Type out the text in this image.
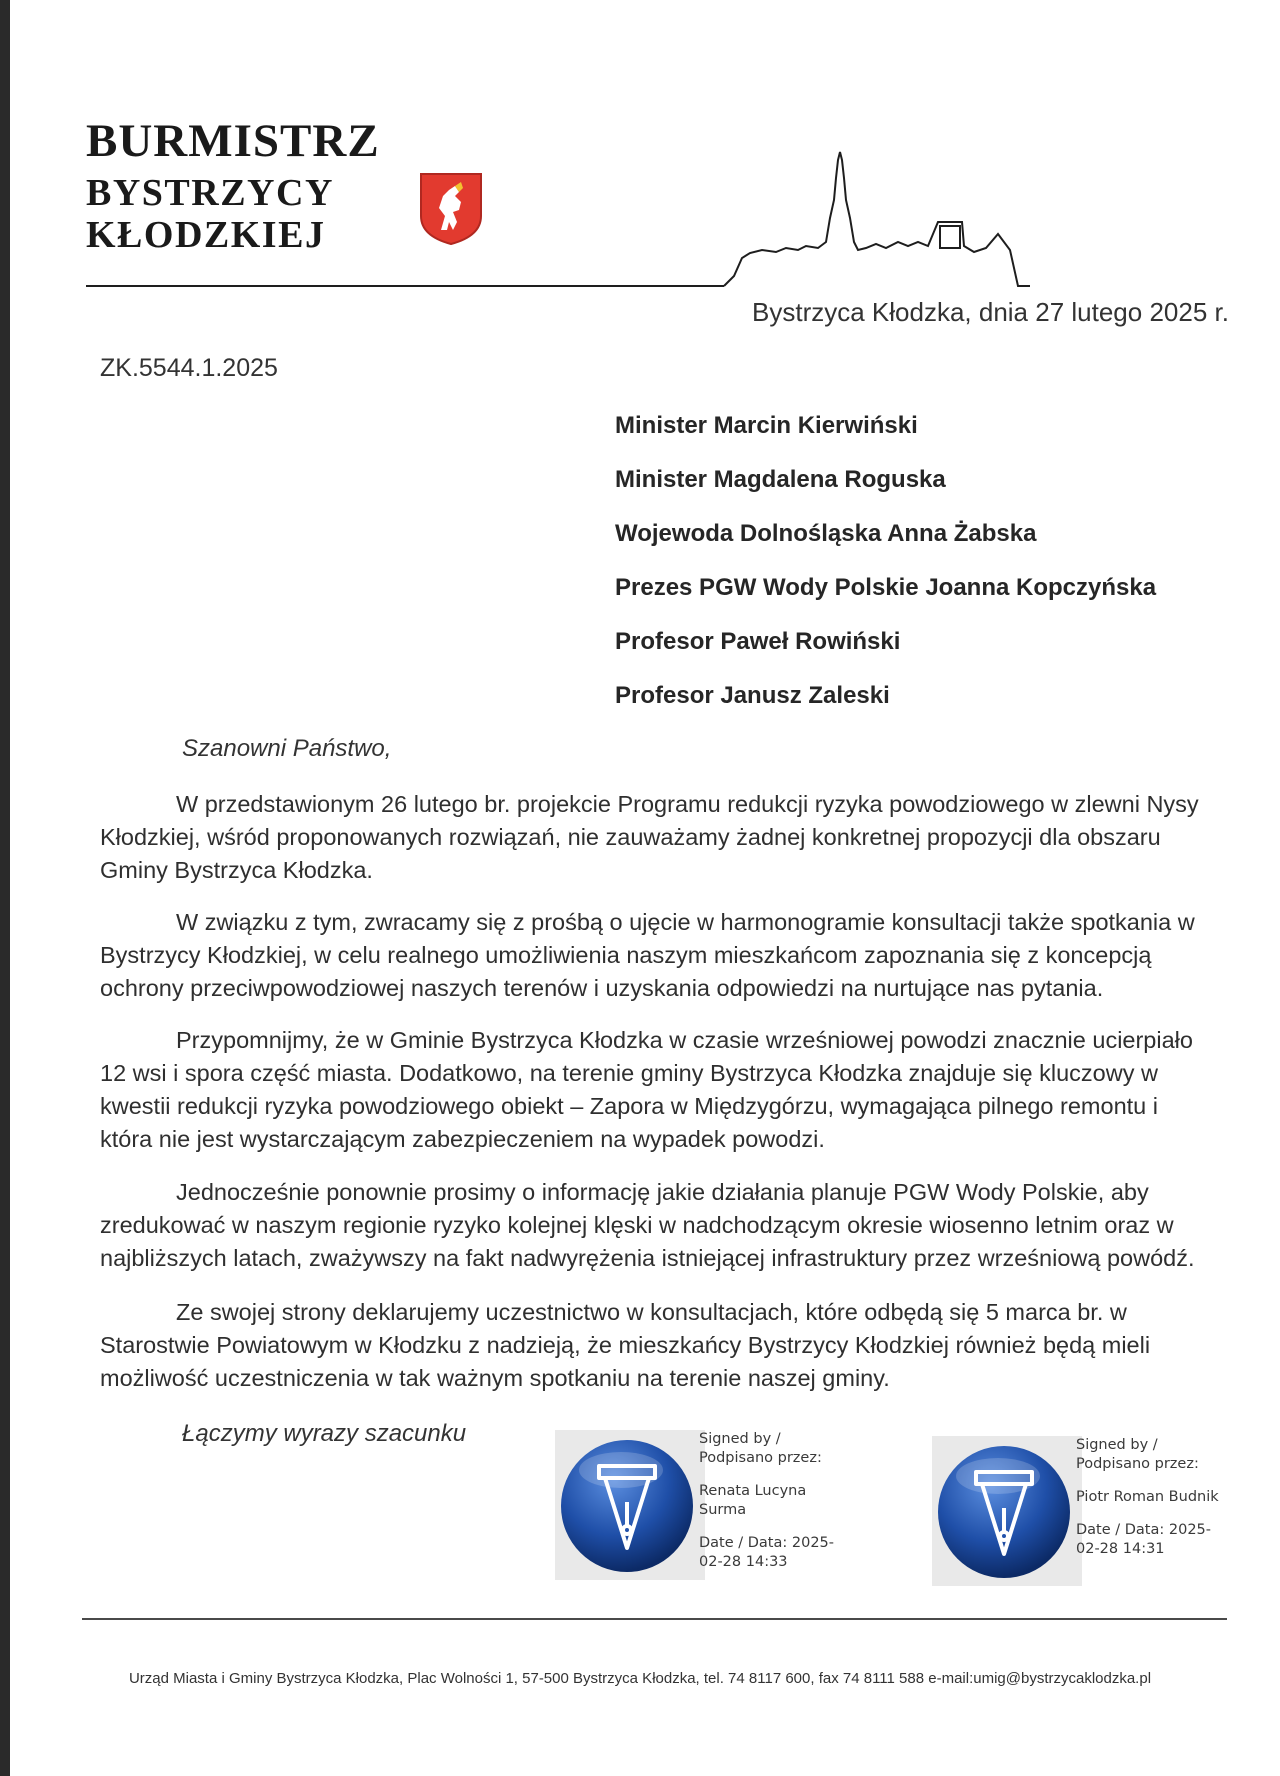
BURMISTRZ
BYSTRZYCY
KŁODZKIEJ
Bystrzyca Kłodzka, dnia 27 lutego 2025 r.
ZK.5544.1.2025
Minister Marcin Kierwiński
Minister Magdalena Roguska
Wojewoda Dolnośląska Anna Żabska
Prezes PGW Wody Polskie Joanna Kopczyńska
Profesor Paweł Rowiński
Profesor Janusz Zaleski
Szanowni Państwo,

W przedstawionym 26 lutego br. projekcie Programu redukcji ryzyka powodziowego w zlewni Nysy Kłodzkiej, wśród proponowanych rozwiązań, nie zauważamy żadnej konkretnej propozycji dla obszaru Gminy Bystrzyca Kłodzka.

W związku z tym, zwracamy się z prośbą o ujęcie w harmonogramie konsultacji także spotkania w Bystrzycy Kłodzkiej, w celu realnego umożliwienia naszym mieszkańcom zapoznania się z koncepcją ochrony przeciwpowodziowej naszych terenów i uzyskania odpowiedzi na nurtujące nas pytania.

Przypomnijmy, że w Gminie Bystrzyca Kłodzka w czasie wrześniowej powodzi znacznie ucierpiało 12 wsi i spora część miasta. Dodatkowo, na terenie gminy Bystrzyca Kłodzka znajduje się kluczowy w kwestii redukcji ryzyka powodziowego obiekt – Zapora w Międzygórzu, wymagająca pilnego remontu i która nie jest wystarczającym zabezpieczeniem na wypadek powodzi.

Jednocześnie ponownie prosimy o informację jakie działania planuje PGW Wody Polskie, aby zredukować w naszym regionie ryzyko kolejnej klęski w nadchodzącym okresie wiosenno letnim oraz w najbliższych latach, zważywszy na fakt nadwyrężenia istniejącej infrastruktury przez wrześniową powódź.

Ze swojej strony deklarujemy uczestnictwo w konsultacjach, które odbędą się 5 marca br. w Starostwie Powiatowym w Kłodzku z nadzieją, że mieszkańcy Bystrzycy Kłodzkiej również będą mieli możliwość uczestniczenia w tak ważnym spotkaniu na terenie naszej gminy.

Łączymy wyrazy szacunku	Signed by /
Podpisano przez:
Renata Lucyna
Surma
Date / Data: 2025-
02-28 14:33
Signed by /
Podpisano przez:
Piotr Roman Budnik
Date / Data: 2025-
02-28 14:31
Urząd Miasta i Gminy Bystrzyca Kłodzka, Plac Wolności 1, 57-500 Bystrzyca Kłodzka, tel. 74 8117 600, fax 74 8111 588 e-mail:umig@bystrzycaklodzka.pl
